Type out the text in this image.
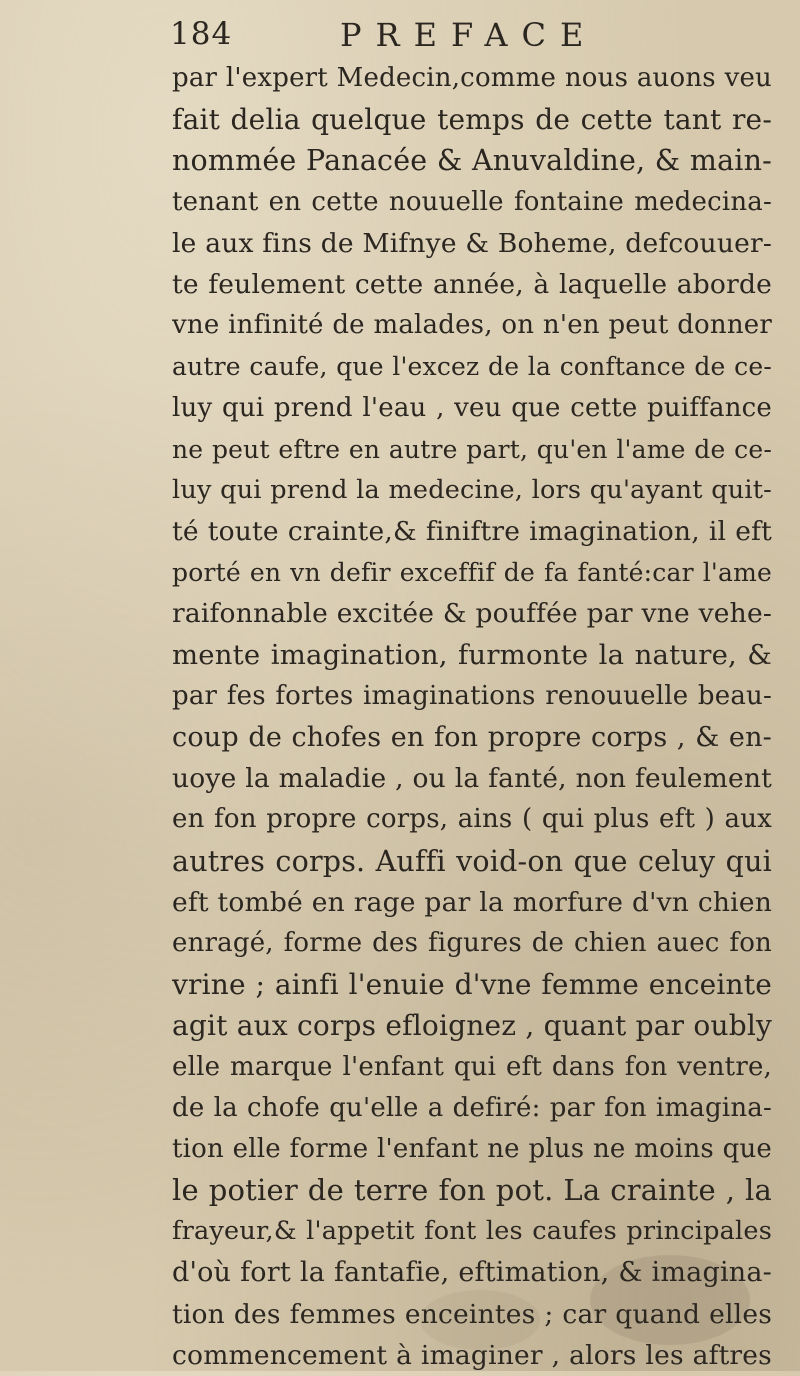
184	PREFACE
par l'expert Medecin,comme nous auons veu
fait delia quelque temps de cette tant re-
nommée Panacée & Anuvaldine, & main-
tenant en cette nouuelle fontaine medecina-
le aux fins de Mifnye & Boheme, defcouuer-
te feulement cette année, à laquelle aborde
vne infinité de malades, on n'en peut donner
autre caufe, que l'excez de la conftance de ce-
luy qui prend l'eau , veu que cette puiffance
ne peut eftre en autre part, qu'en l'ame de ce-
luy qui prend la medecine, lors qu'ayant quit-
té toute crainte,& finiftre imagination, il eft
porté en vn defir exceffif de fa fanté:car l'ame
raifonnable excitée & pouffée par vne vehe-
mente imagination, furmonte la nature, &
par fes fortes imaginations renouuelle beau-
coup de chofes en fon propre corps , & en-
uoye la maladie , ou la fanté, non feulement
en fon propre corps, ains ( qui plus eft ) aux
autres corps. Auffi void-on que celuy qui
eft tombé en rage par la morfure d'vn chien
enragé, forme des figures de chien auec fon
vrine ; ainfi l'enuie d'vne femme enceinte
agit aux corps efloignez , quant par oubly
elle marque l'enfant qui eft dans fon ventre,
de la chofe qu'elle a defiré: par fon imagina-
tion elle forme l'enfant ne plus ne moins que
le potier de terre fon pot. La crainte , la
frayeur,& l'appetit font les caufes principales
d'où fort la fantafie, eftimation, & imagina-
tion des femmes enceintes ; car quand elles
commencement à imaginer , alors les aftres
